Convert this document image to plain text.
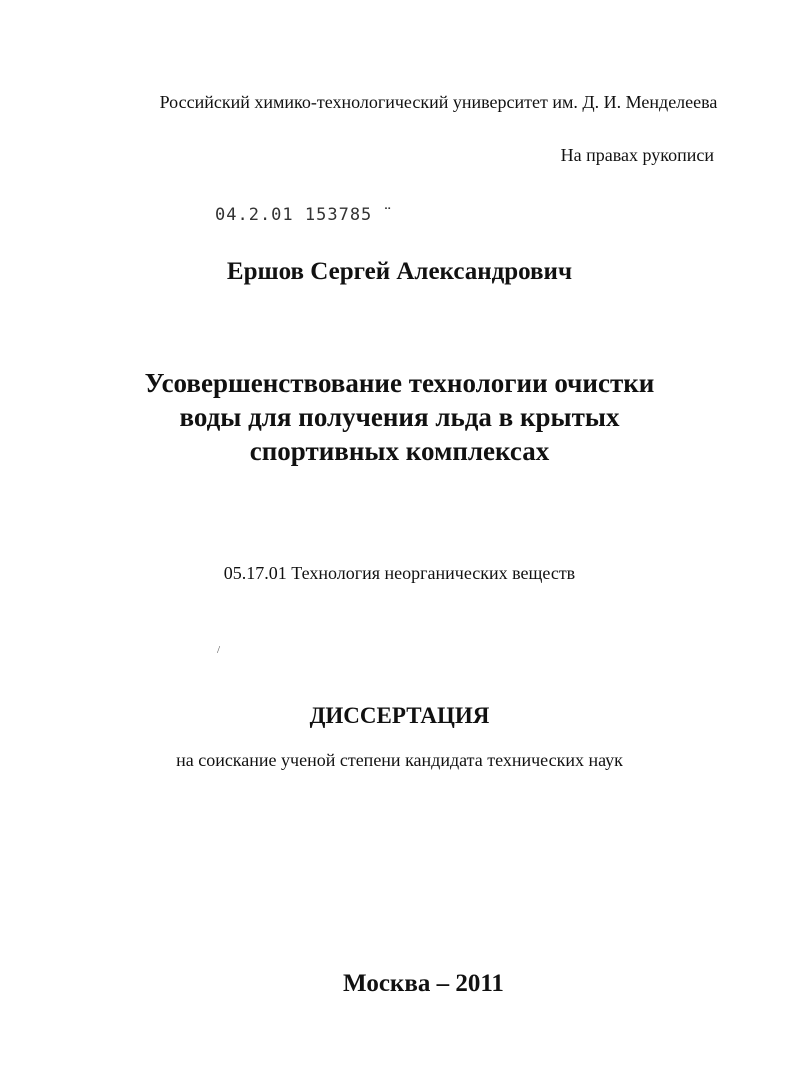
Российский химико-технологический университет им. Д. И. Менделеева
На правах рукописи
04.2.01 153785 ̈
Ершов Сергей Александрович
Усовершенствование технологии очистки
воды для получения льда в крытых
спортивных комплексах
05.17.01 Технология неорганических веществ
/
ДИССЕРТАЦИЯ
на соискание ученой степени кандидата технических наук
Москва – 2011
